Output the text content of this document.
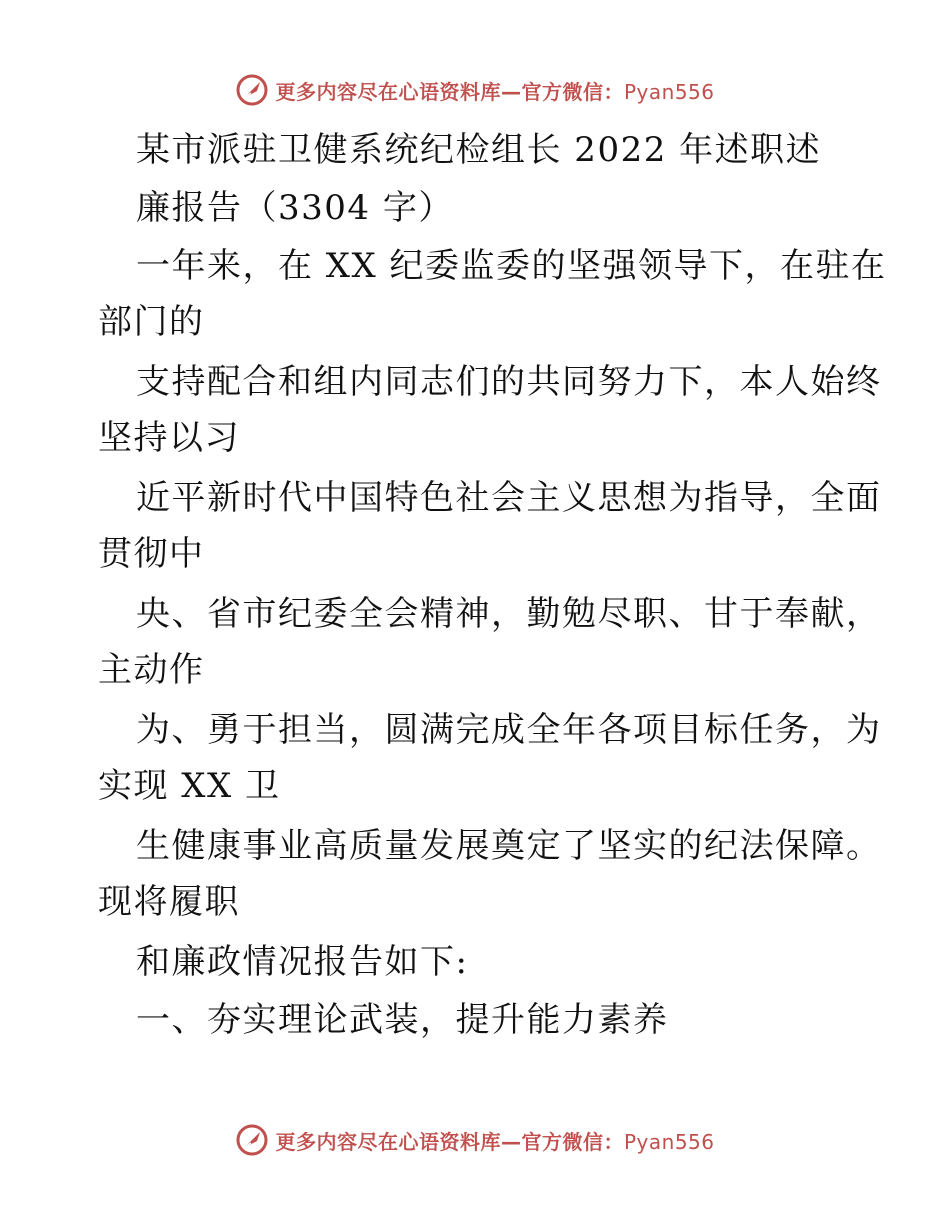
更多内容尽在心语资料库—官方微信：Pyan556
某市派驻卫健系统纪检组长 2022 年述职述
廉报告（3304 字）
一年来，在 XX 纪委监委的坚强领导下，在驻在
部门的
支持配合和组内同志们的共同努力下，本人始终
坚持以习
近平新时代中国特色社会主义思想为指导，全面
贯彻中
央、省市纪委全会精神，勤勉尽职、甘于奉献，
主动作
为、勇于担当，圆满完成全年各项目标任务，为
实现 XX 卫
生健康事业高质量发展奠定了坚实的纪法保障。
现将履职
和廉政情况报告如下:
一、夯实理论武装，提升能力素养
更多内容尽在心语资料库—官方微信：Pyan556
